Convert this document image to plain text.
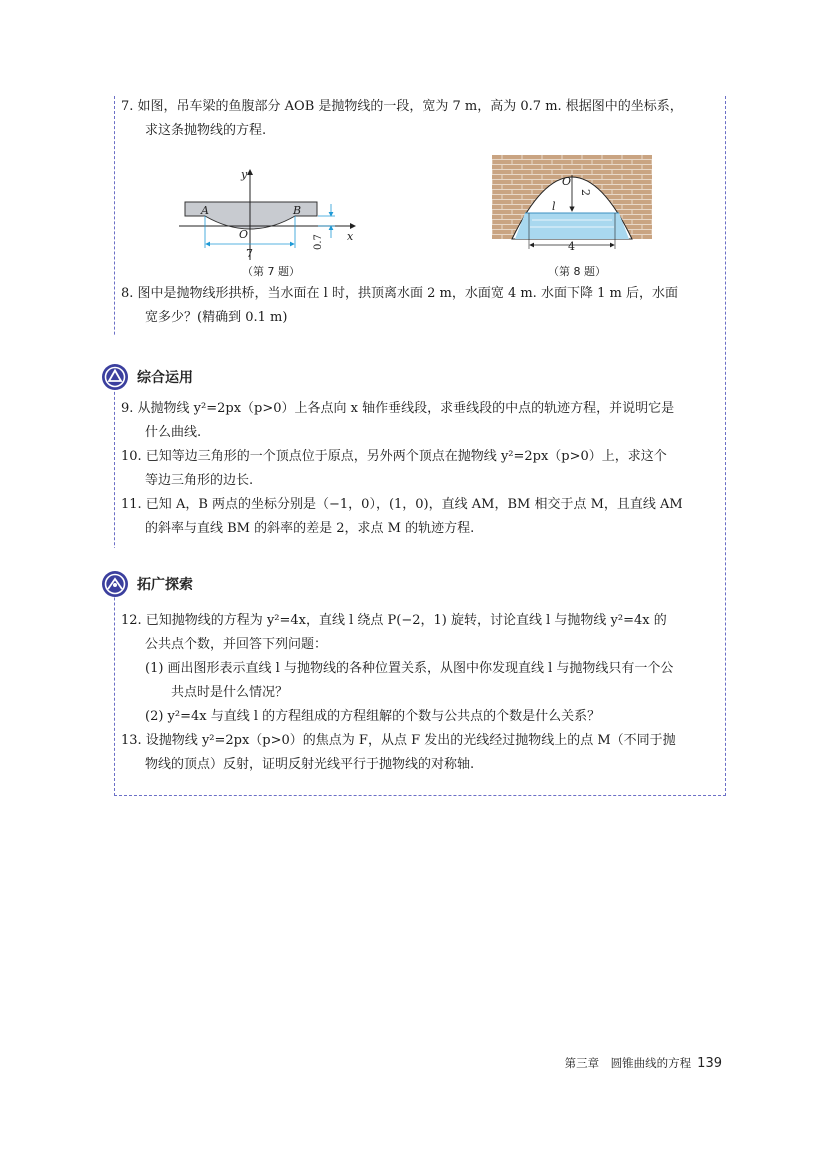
7. 如图，吊车梁的鱼腹部分 AOB 是抛物线的一段，宽为 7 m，高为 0.7 m. 根据图中的坐标系，
求这条抛物线的方程.
y
x
A	B
O
7
0.7
（第 7 题）
O
l
2
4
（第 8 题）
8. 图中是抛物线形拱桥，当水面在 l 时，拱顶离水面 2 m，水面宽 4 m. 水面下降 1 m 后，水面
宽多少？(精确到 0.1 m)
综合运用
9. 从抛物线 y²=2px（p>0）上各点向 x 轴作垂线段，求垂线段的中点的轨迹方程，并说明它是
什么曲线.
10. 已知等边三角形的一个顶点位于原点，另外两个顶点在抛物线 y²=2px（p>0）上，求这个
等边三角形的边长.
11. 已知 A，B 两点的坐标分别是（−1，0），(1，0)，直线 AM，BM 相交于点 M，且直线 AM
的斜率与直线 BM 的斜率的差是 2，求点 M 的轨迹方程.
拓广探索
12. 已知抛物线的方程为 y²=4x，直线 l 绕点 P(−2，1) 旋转，讨论直线 l 与抛物线 y²=4x 的
公共点个数，并回答下列问题：
(1) 画出图形表示直线 l 与抛物线的各种位置关系，从图中你发现直线 l 与抛物线只有一个公
共点时是什么情况？
(2) y²=4x 与直线 l 的方程组成的方程组解的个数与公共点的个数是什么关系？
13. 设抛物线 y²=2px（p>0）的焦点为 F，从点 F 发出的光线经过抛物线上的点 M（不同于抛
物线的顶点）反射，证明反射光线平行于抛物线的对称轴.
第三章　圆锥曲线的方程 139
